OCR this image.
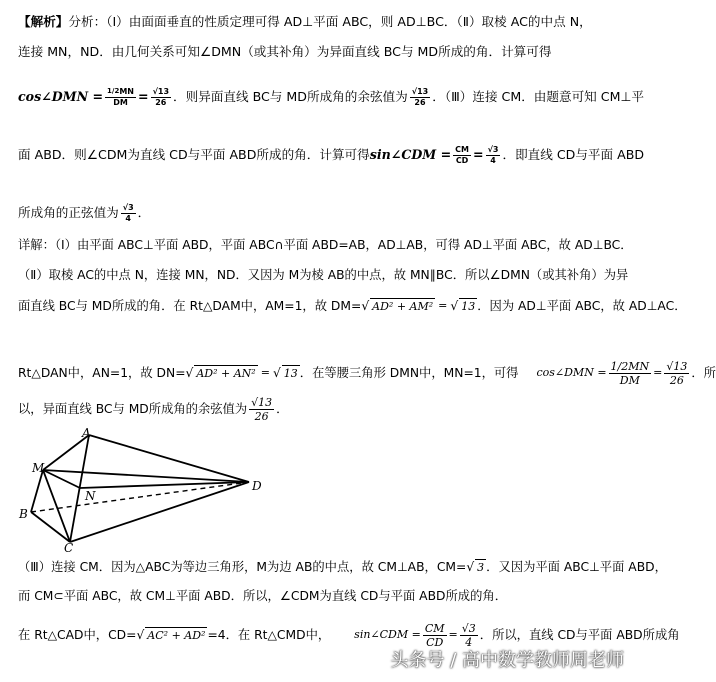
【解析】分析：（Ⅰ）由面面垂直的性质定理可得 AD⊥平面 ABC，则 AD⊥BC．（Ⅱ）取棱 AC的中点 N，
连接 MN，ND．由几何关系可知∠DMN（或其补角）为异面直线 BC与 MD所成的角．计算可得
cos∠DMN = $\frac{1/2 MN}{DM} = \frac{√13}{26}$ ．则异面直线 BC与 MD所成角的余弦值为 $\frac{√13}{26}$ ．（Ⅲ）连接 CM．由题意可知 CM⊥平
面 ABD．则∠CDM为直线 CD与平面 ABD所成的角．计算可得 sin∠CDM = $\frac{CM}{CD} = \frac{√3}{4}$ ．即直线 CD与平面 ABD
所成角的正弦值为 $\frac{√3}{4}$ ．
详解：（Ⅰ）由平面 ABC⊥平面 ABD，平面 ABC∩平面 ABD=AB，AD⊥AB，可得 AD⊥平面 ABC，故 AD⊥BC．
（Ⅱ）取棱 AC的中点 N，连接 MN，ND．又因为 M为棱 AB的中点，故 MN∥BC．所以∠DMN（或其补角）为异
面直线 BC与 MD所成的角．在 Rt△DAM中，AM=1，故 DM= √ AD² + AM² = √ 13 ．因为 AD⊥平面 ABC，故 AD⊥AC．
Rt△DAN中，AN=1，故 DN= √ AD² + AN² = √ 13 ．在等腰三角形 DMN中，MN=1，可得 cos∠DMN = $\frac{1/2MN}{DM} = \frac{√13}{26}$ ．所
以，异面直线 BC与 MD所成角的余弦值为 $\frac{√13}{26}$ ．
A
M
N
B
C
D
（Ⅲ）连接 CM．因为△ABC为等边三角形，M为边 AB的中点，故 CM⊥AB，CM=√ 3 ．又因为平面 ABC⊥平面 ABD，
而 CM⊂平面 ABC，故 CM⊥平面 ABD．所以，∠CDM为直线 CD与平面 ABD所成的角．
在 Rt△CAD中，CD= √ AC² + AD² =4．在 Rt△CMD中， sin∠CDM = $\frac{CM}{CD} = \frac{√3}{4}$ ．所以，直线 CD与平面 ABD所成角
头条号 / 高中数学教师周老师
